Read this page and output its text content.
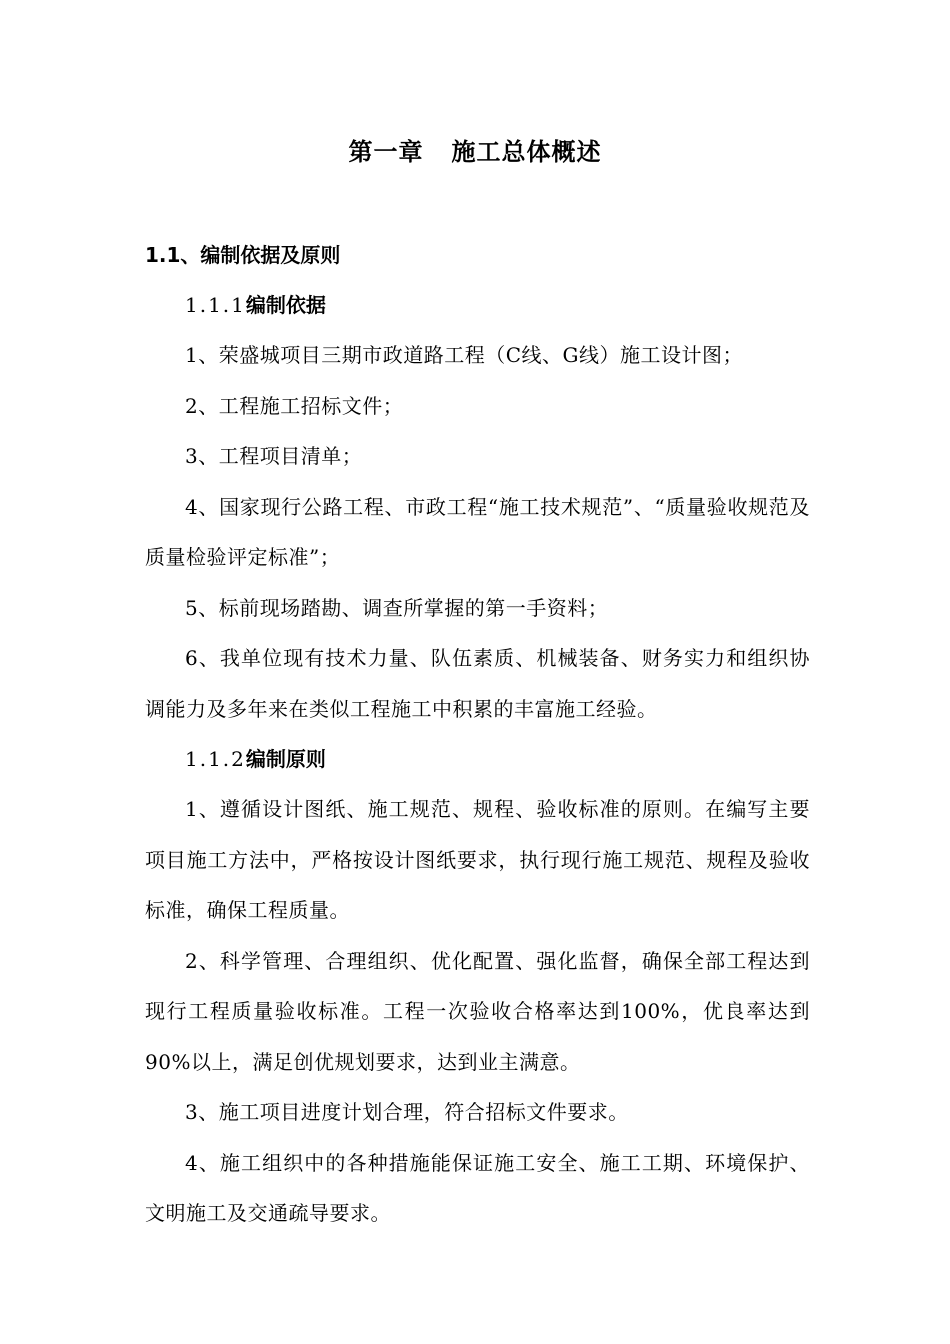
第一章 施工总体概述
1.1、编制依据及原则
1.1.1编制依据
1、荣盛城项目三期市政道路工程（C线、G线）施工设计图；
2、工程施工招标文件；
3、工程项目清单；
4、国家现行公路工程、市政工程“施工技术规范”、“质量验收规范及质量检验评定标准”；
5、标前现场踏勘、调查所掌握的第一手资料；
6、我单位现有技术力量、队伍素质、机械装备、财务实力和组织协调能力及多年来在类似工程施工中积累的丰富施工经验。
1.1.2编制原则
1、遵循设计图纸、施工规范、规程、验收标准的原则。在编写主要项目施工方法中，严格按设计图纸要求，执行现行施工规范、规程及验收标准，确保工程质量。
2、科学管理、合理组织、优化配置、强化监督，确保全部工程达到现行工程质量验收标准。工程一次验收合格率达到100%，优良率达到90%以上，满足创优规划要求，达到业主满意。
3、施工项目进度计划合理，符合招标文件要求。
4、施工组织中的各种措施能保证施工安全、施工工期、环境保护、文明施工及交通疏导要求。
